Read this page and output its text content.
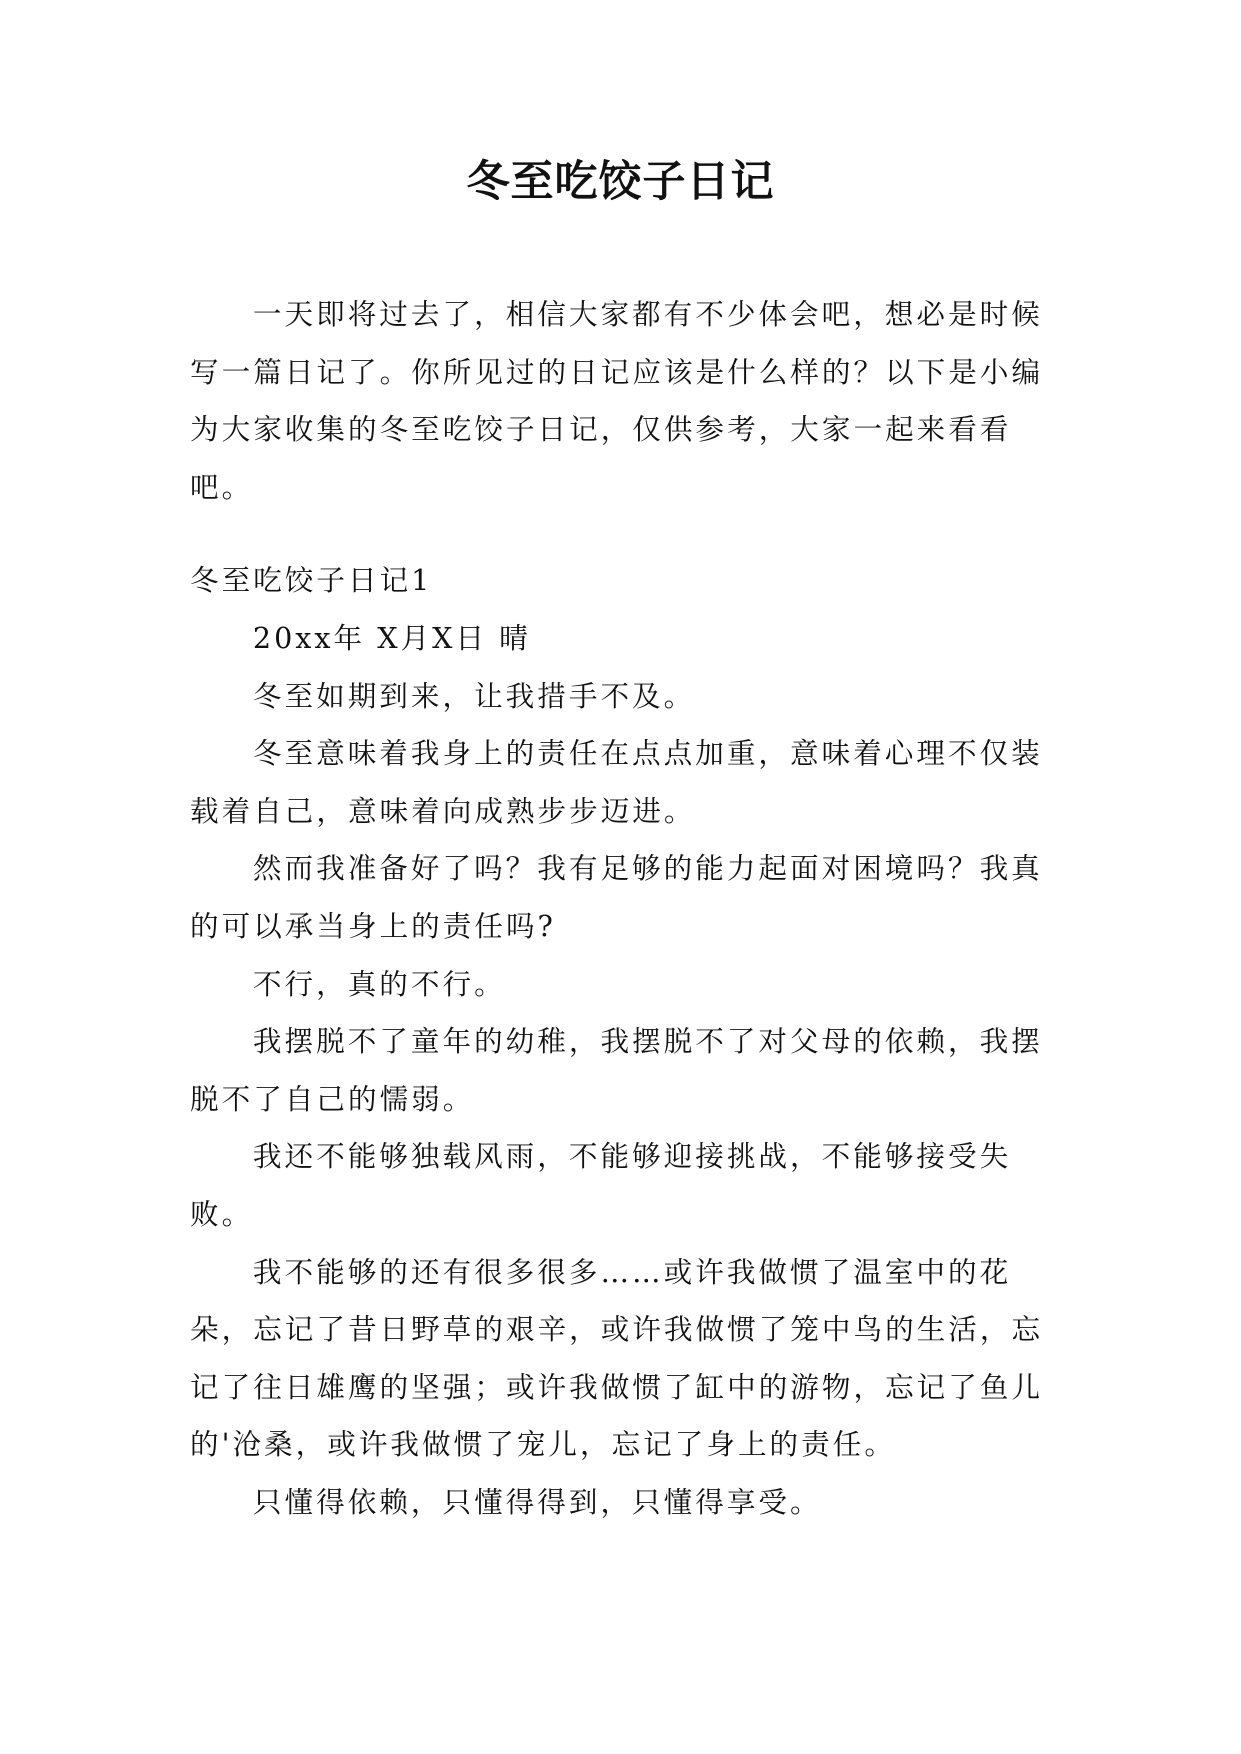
冬至吃饺子日记

一天即将过去了，相信大家都有不少体会吧，想必是时候写一篇日记了。你所见过的日记应该是什么样的？以下是小编为大家收集的冬至吃饺子日记，仅供参考，大家一起来看看吧。

冬至吃饺子日记1

20xx年 X月X日 晴

冬至如期到来，让我措手不及。

冬至意味着我身上的责任在点点加重，意味着心理不仅装载着自己，意味着向成熟步步迈进。

然而我准备好了吗？我有足够的能力起面对困境吗？我真的可以承当身上的责任吗?

不行，真的不行。

我摆脱不了童年的幼稚，我摆脱不了对父母的依赖，我摆脱不了自己的懦弱。

我还不能够独载风雨，不能够迎接挑战，不能够接受失败。

我不能够的还有很多很多……或许我做惯了温室中的花朵，忘记了昔日野草的艰辛，或许我做惯了笼中鸟的生活，忘记了往日雄鹰的坚强；或许我做惯了缸中的游物，忘记了鱼儿的'沧桑，或许我做惯了宠儿，忘记了身上的责任。

只懂得依赖，只懂得得到，只懂得享受。
